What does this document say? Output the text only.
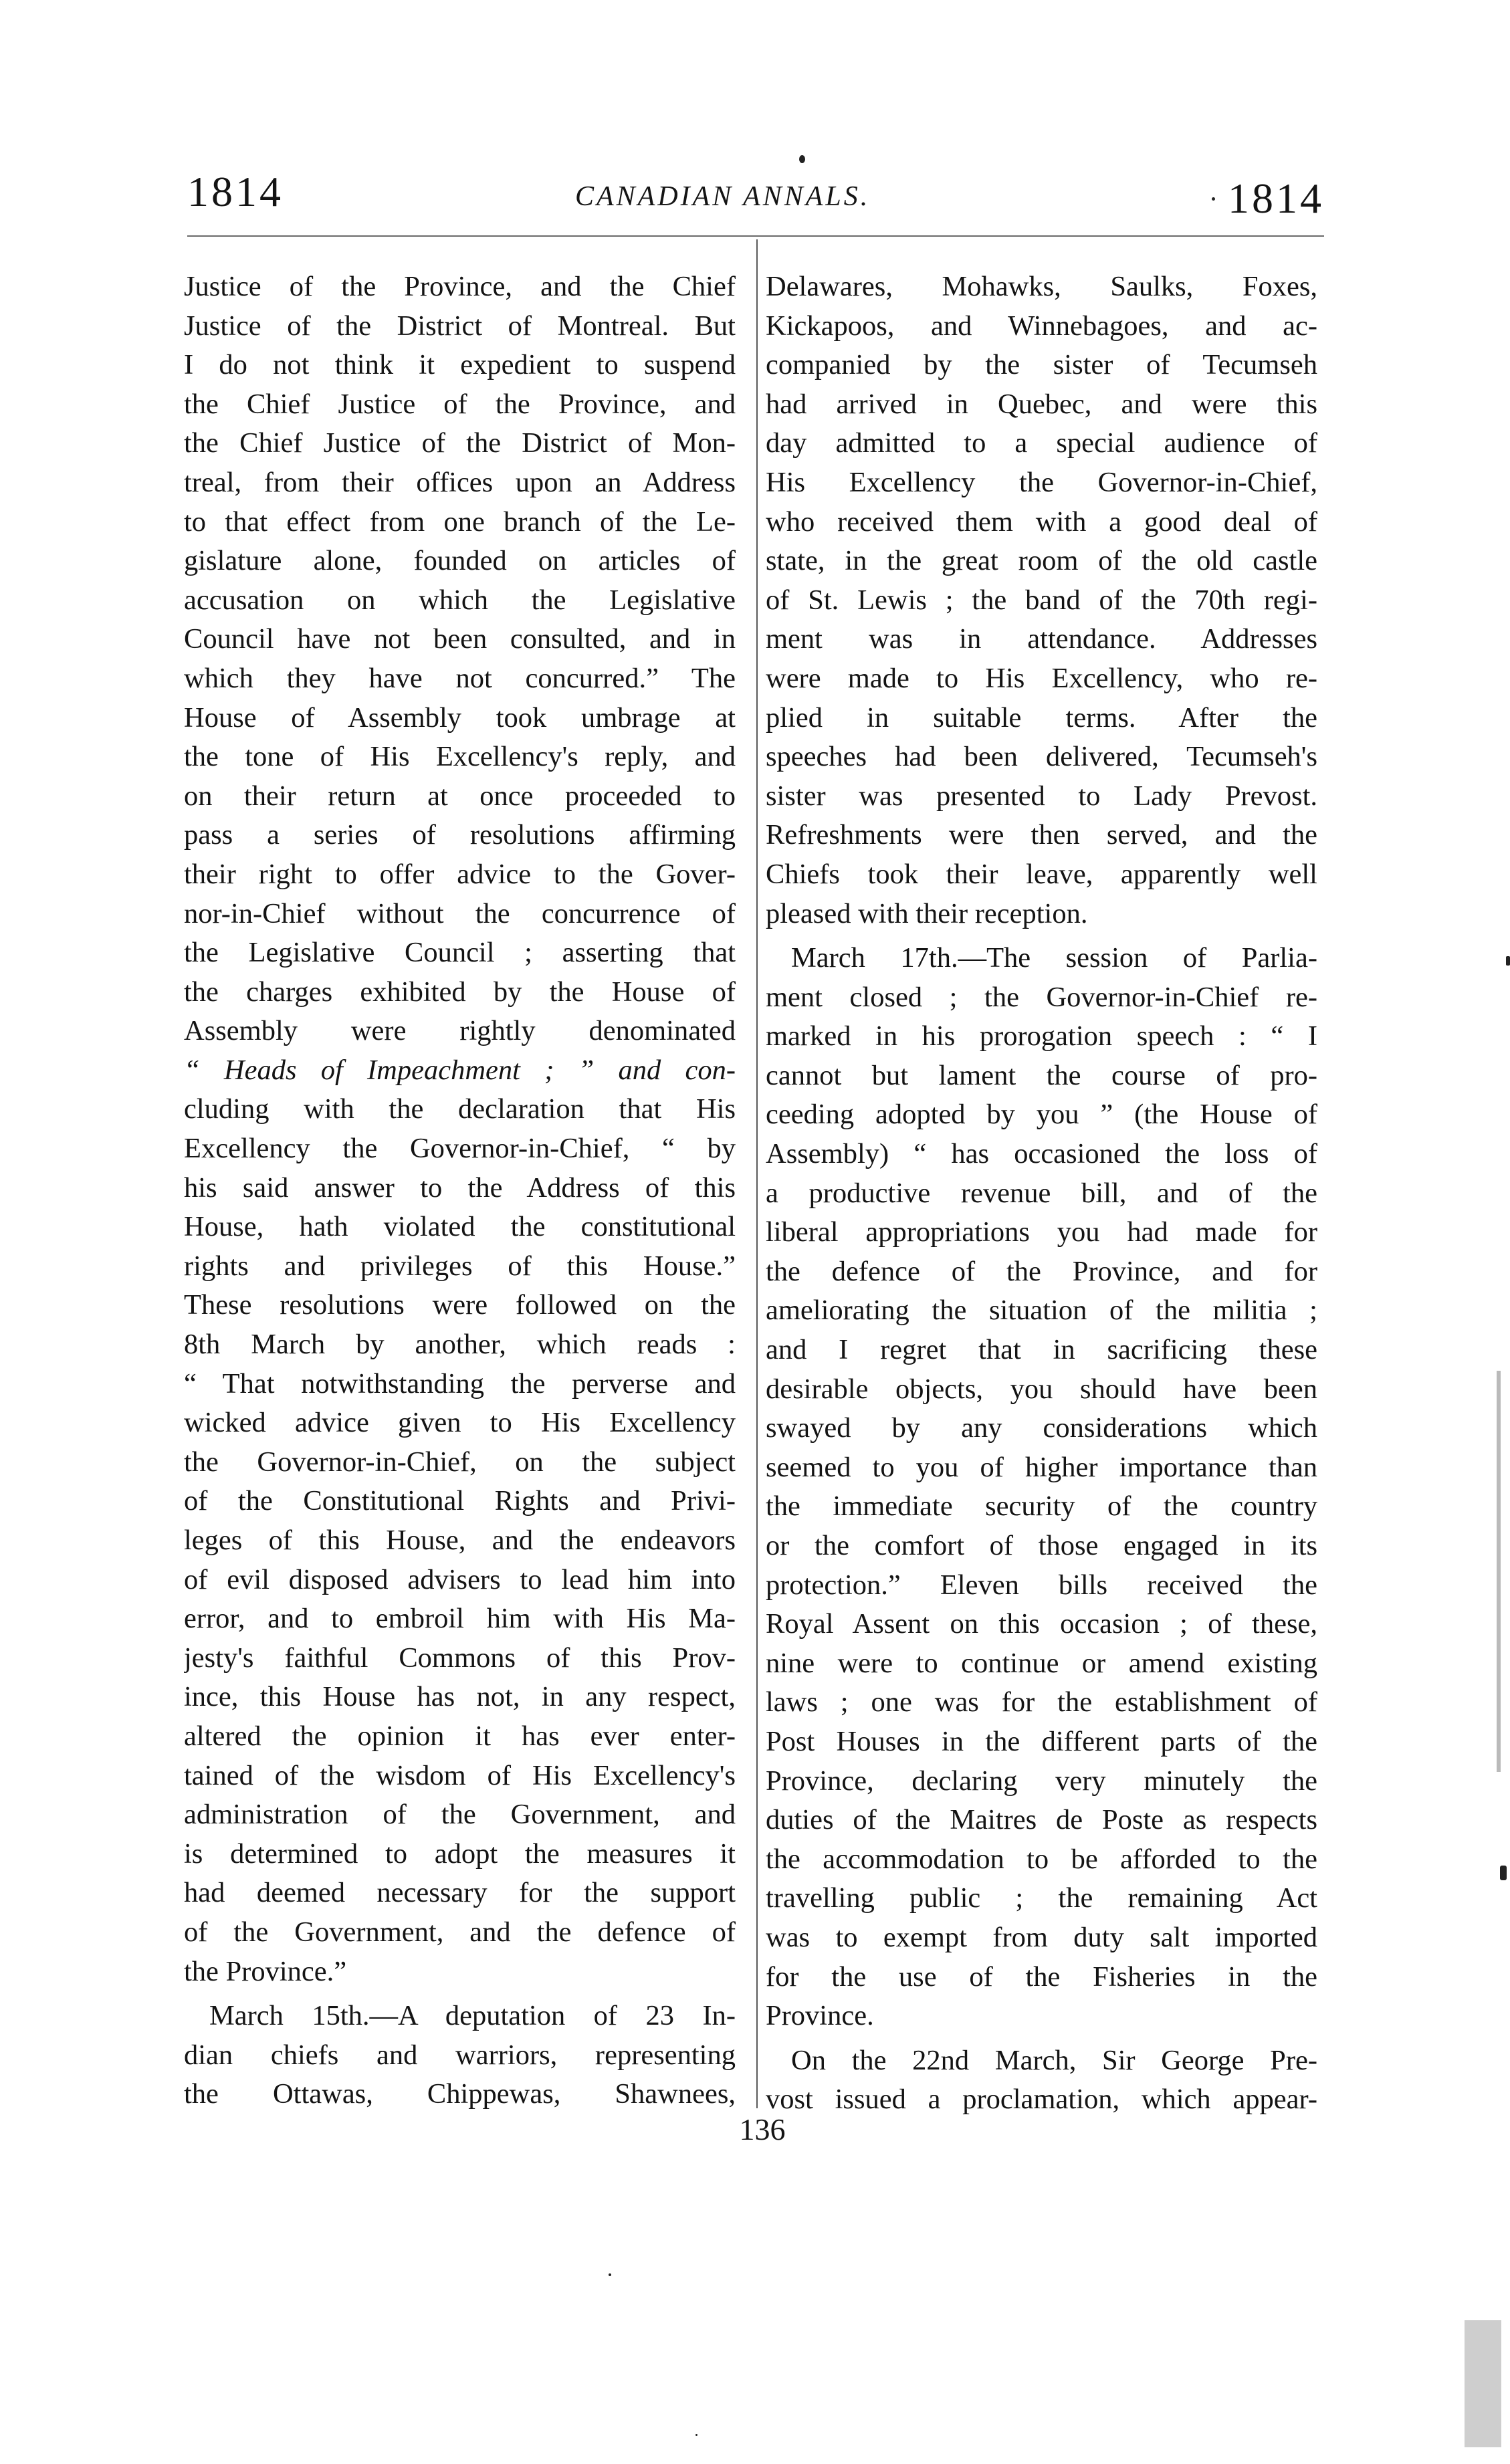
1814	CANADIAN ANNALS.	1814
Justice of the Province, and the Chief
Justice of the District of Montreal. But
I do not think it expedient to suspend
the Chief Justice of the Province, and
the Chief Justice of the District of Mon-
treal, from their offices upon an Address
to that effect from one branch of the Le-
gislature alone, founded on articles of
accusation on which the Legislative
Council have not been consulted, and in
which they have not concurred.” The
House of Assembly took umbrage at
the tone of His Excellency's reply, and
on their return at once proceeded to
pass a series of resolutions affirming
their right to offer advice to the Gover-
nor-in-Chief without the concurrence of
the Legislative Council ; asserting that
the charges exhibited by the House of
Assembly were rightly denominated
“ Heads of Impeachment ; ” and con-
cluding with the declaration that His
Excellency the Governor-in-Chief, “ by
his said answer to the Address of this
House, hath violated the constitutional
rights and privileges of this House.”
These resolutions were followed on the
8th March by another, which reads :
“ That notwithstanding the perverse and
wicked advice given to His Excellency
the Governor-in-Chief, on the subject
of the Constitutional Rights and Privi-
leges of this House, and the endeavors
of evil disposed advisers to lead him into
error, and to embroil him with His Ma-
jesty's faithful Commons of this Prov-
ince, this House has not, in any respect,
altered the opinion it has ever enter-
tained of the wisdom of His Excellency's
administration of the Government, and
is determined to adopt the measures it
had deemed necessary for the support
of the Government, and the defence of
the Province.”
March 15th.—A deputation of 23 In-
dian chiefs and warriors, representing
the Ottawas, Chippewas, Shawnees,
Delawares, Mohawks, Saulks, Foxes,
Kickapoos, and Winnebagoes, and ac-
companied by the sister of Tecumseh
had arrived in Quebec, and were this
day admitted to a special audience of
His Excellency the Governor-in-Chief,
who received them with a good deal of
state, in the great room of the old castle
of St. Lewis ; the band of the 70th regi-
ment was in attendance. Addresses
were made to His Excellency, who re-
plied in suitable terms. After the
speeches had been delivered, Tecumseh's
sister was presented to Lady Prevost.
Refreshments were then served, and the
Chiefs took their leave, apparently well
pleased with their reception.
March 17th.—The session of Parlia-
ment closed ; the Governor-in-Chief re-
marked in his prorogation speech : “ I
cannot but lament the course of pro-
ceeding adopted by you ” (the House of
Assembly) “ has occasioned the loss of
a productive revenue bill, and of the
liberal appropriations you had made for
the defence of the Province, and for
ameliorating the situation of the militia ;
and I regret that in sacrificing these
desirable objects, you should have been
swayed by any considerations which
seemed to you of higher importance than
the immediate security of the country
or the comfort of those engaged in its
protection.” Eleven bills received the
Royal Assent on this occasion ; of these,
nine were to continue or amend existing
laws ; one was for the establishment of
Post Houses in the different parts of the
Province, declaring very minutely the
duties of the Maitres de Poste as respects
the accommodation to be afforded to the
travelling public ; the remaining Act
was to exempt from duty salt imported
for the use of the Fisheries in the
Province.
On the 22nd March, Sir George Pre-
vost issued a proclamation, which appear-
136
